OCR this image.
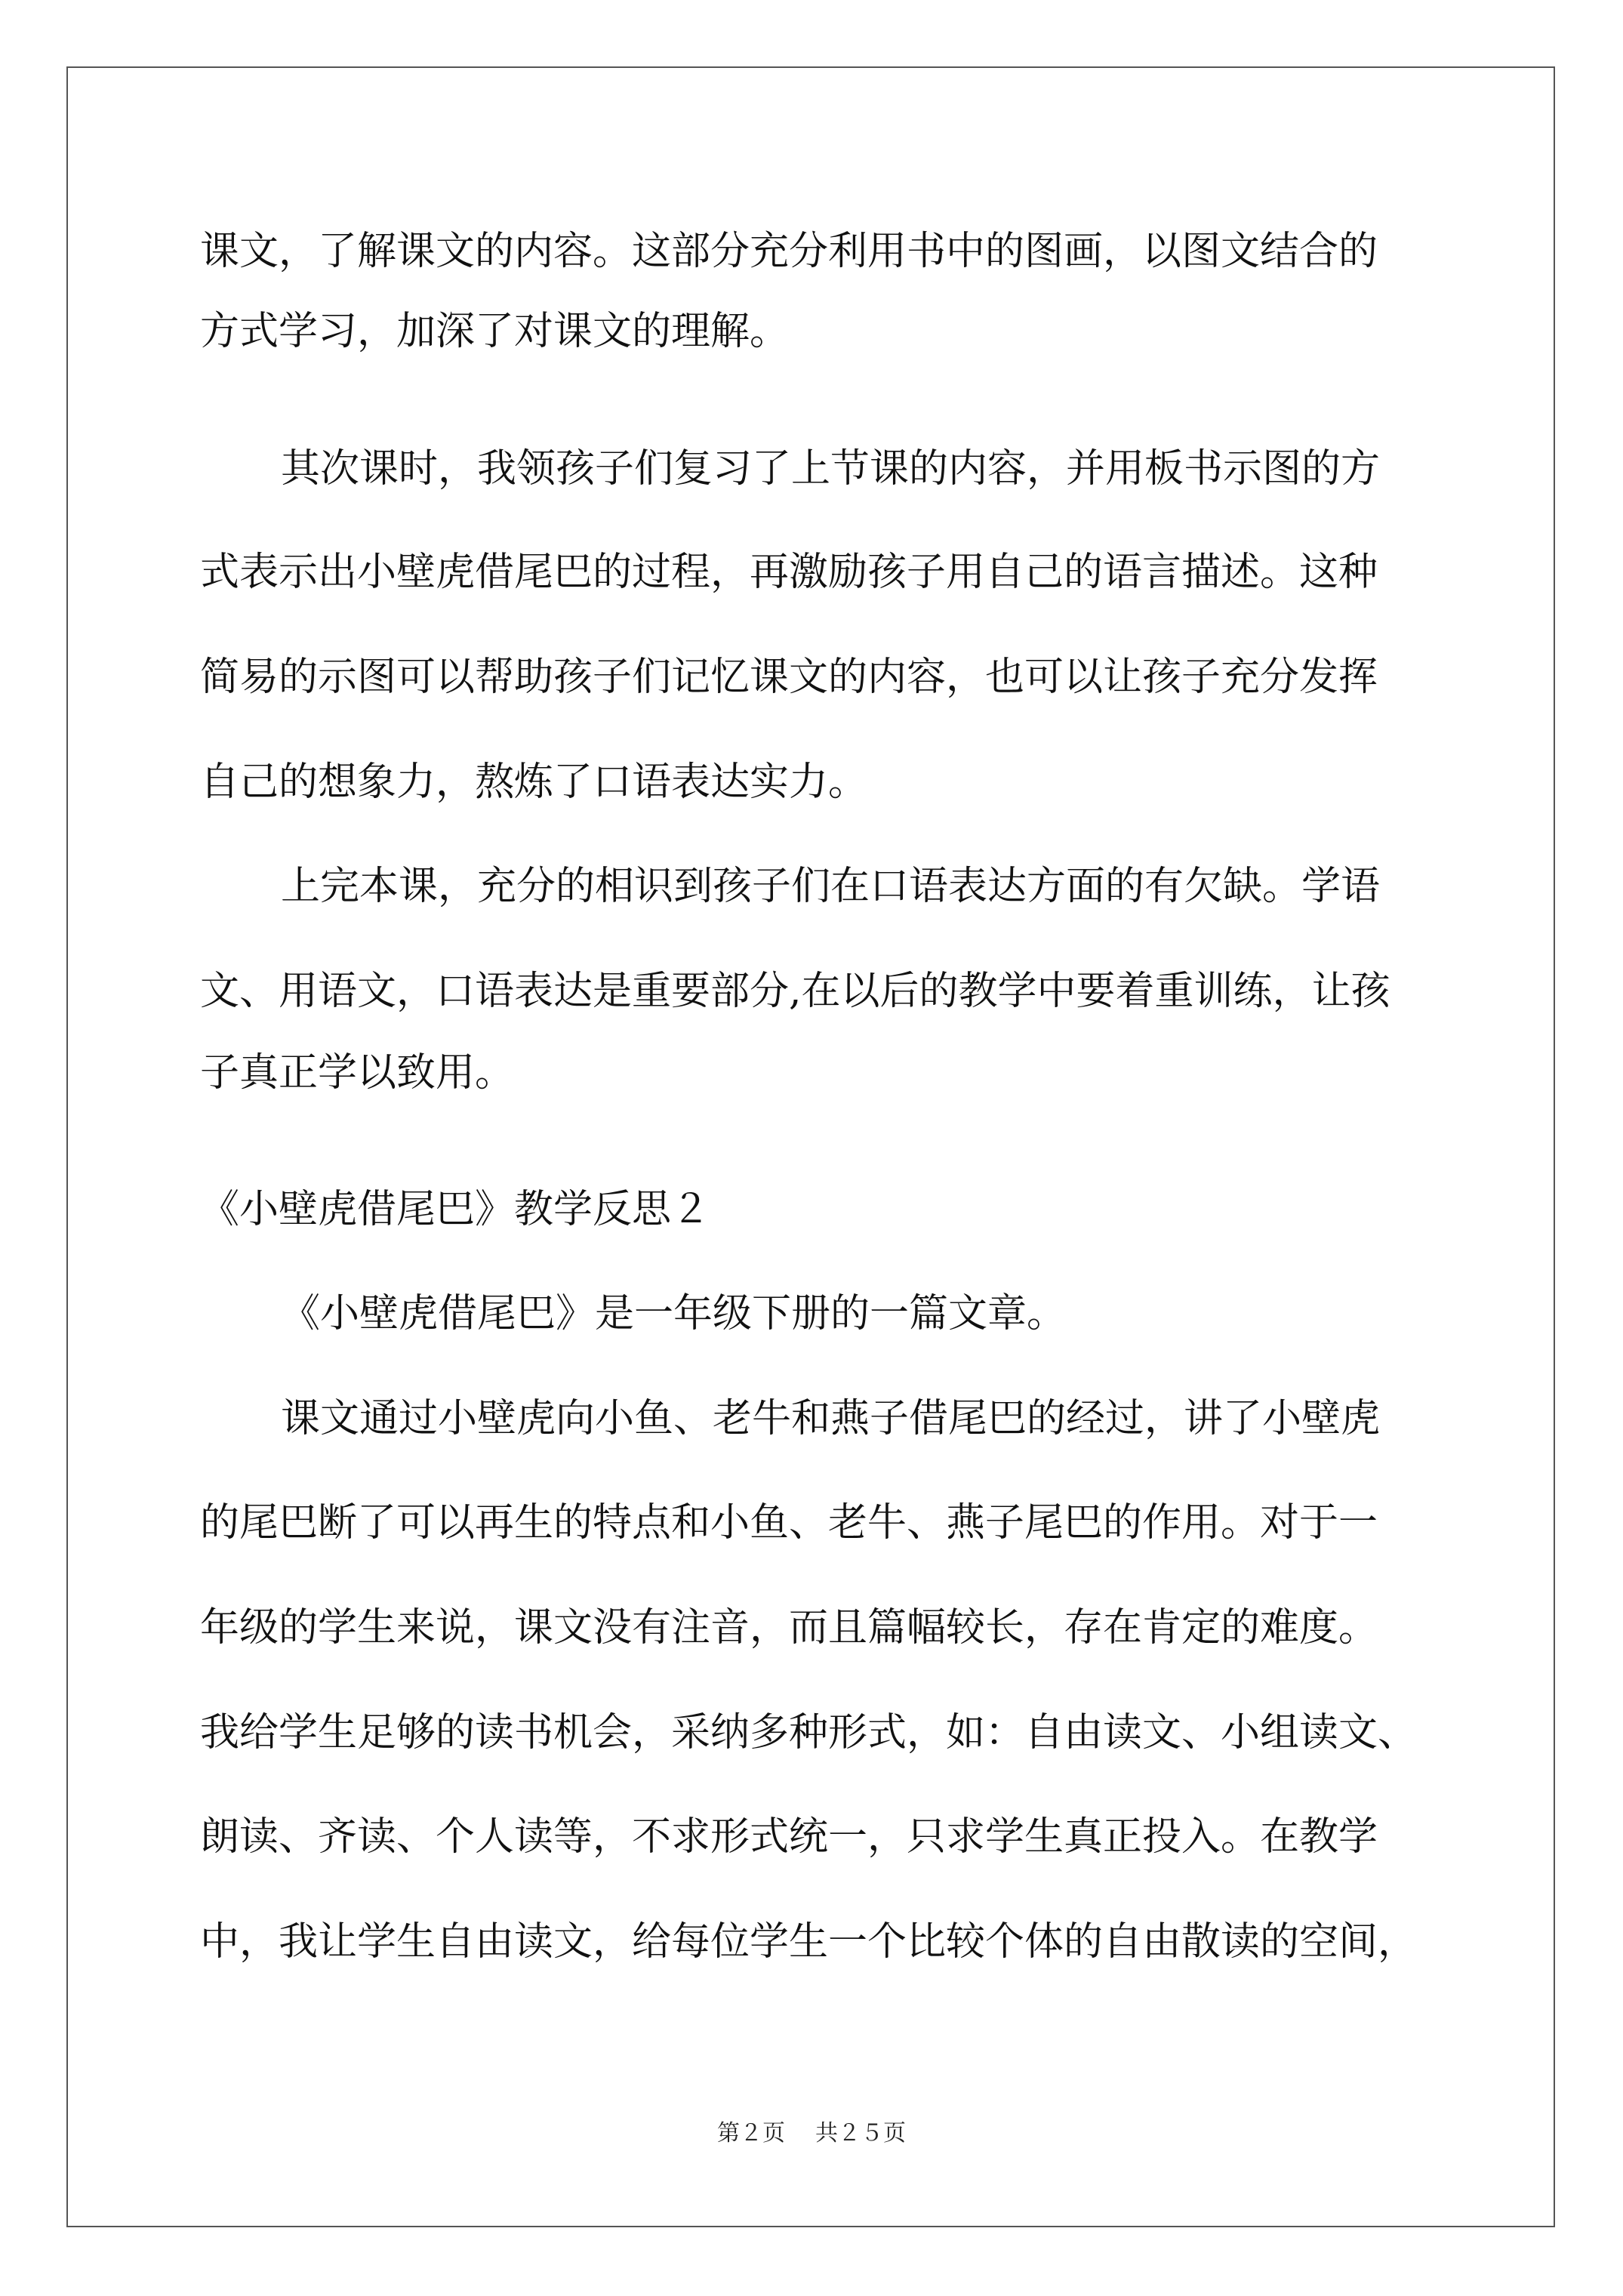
课文，了解课文的内容。这部分充分利用书中的图画，以图文结合的

方式学习，加深了对课文的理解。

其次课时，我领孩子们复习了上节课的内容，并用板书示图的方

式表示出小壁虎借尾巴的过程，再激励孩子用自己的语言描述。这种

简易的示图可以帮助孩子们记忆课文的内容，也可以让孩子充分发挥

自己的想象力，熬炼了口语表达实力。

上完本课，充分的相识到孩子们在口语表达方面的有欠缺。学语

文、用语文，口语表达是重要部分,在以后的教学中要着重训练，让孩

子真正学以致用。

《小壁虎借尾巴》教学反思２

《小壁虎借尾巴》是一年级下册的一篇文章。

课文通过小壁虎向小鱼、老牛和燕子借尾巴的经过，讲了小壁虎

的尾巴断了可以再生的特点和小鱼、老牛、燕子尾巴的作用。对于一

年级的学生来说，课文没有注音，而且篇幅较长，存在肯定的难度。

我给学生足够的读书机会，采纳多种形式，如：自由读文、小组读文、

朗读、齐读、个人读等，不求形式统一，只求学生真正投入。在教学

中，我让学生自由读文，给每位学生一个比较个体的自由散读的空间，

第２页 共２５页
